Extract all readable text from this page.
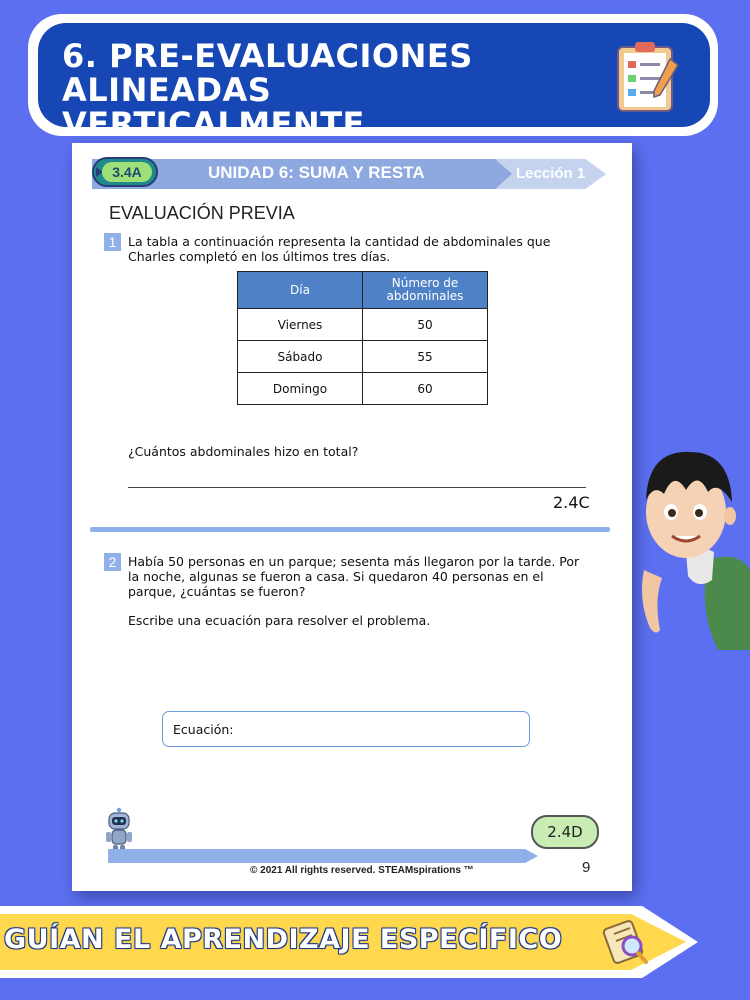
6. PRE-EVALUACIONES
ALINEADAS VERTICALMENTE
3.4A	UNIDAD 6: SUMA Y RESTA	Lección 1
EVALUACIÓN PREVIA
1 La tabla a continuación representa la cantidad de abdominales que
Charles completó en los últimos tres días.
Día	Número de abdominales
Viernes	50
Sábado	55
Domingo	60
¿Cuántos abdominales hizo en total?
2.4C
2 Había 50 personas en un parque; sesenta más llegaron por la tarde. Por
la noche, algunas se fueron a casa. Si quedaron 40 personas en el
parque, ¿cuántas se fueron?
Escribe una ecuación para resolver el problema.
Ecuación:
2.4D
© 2021 All rights reserved. STEAMspirations ™	9
GUÍAN EL APRENDIZAJE ESPECÍFICO
